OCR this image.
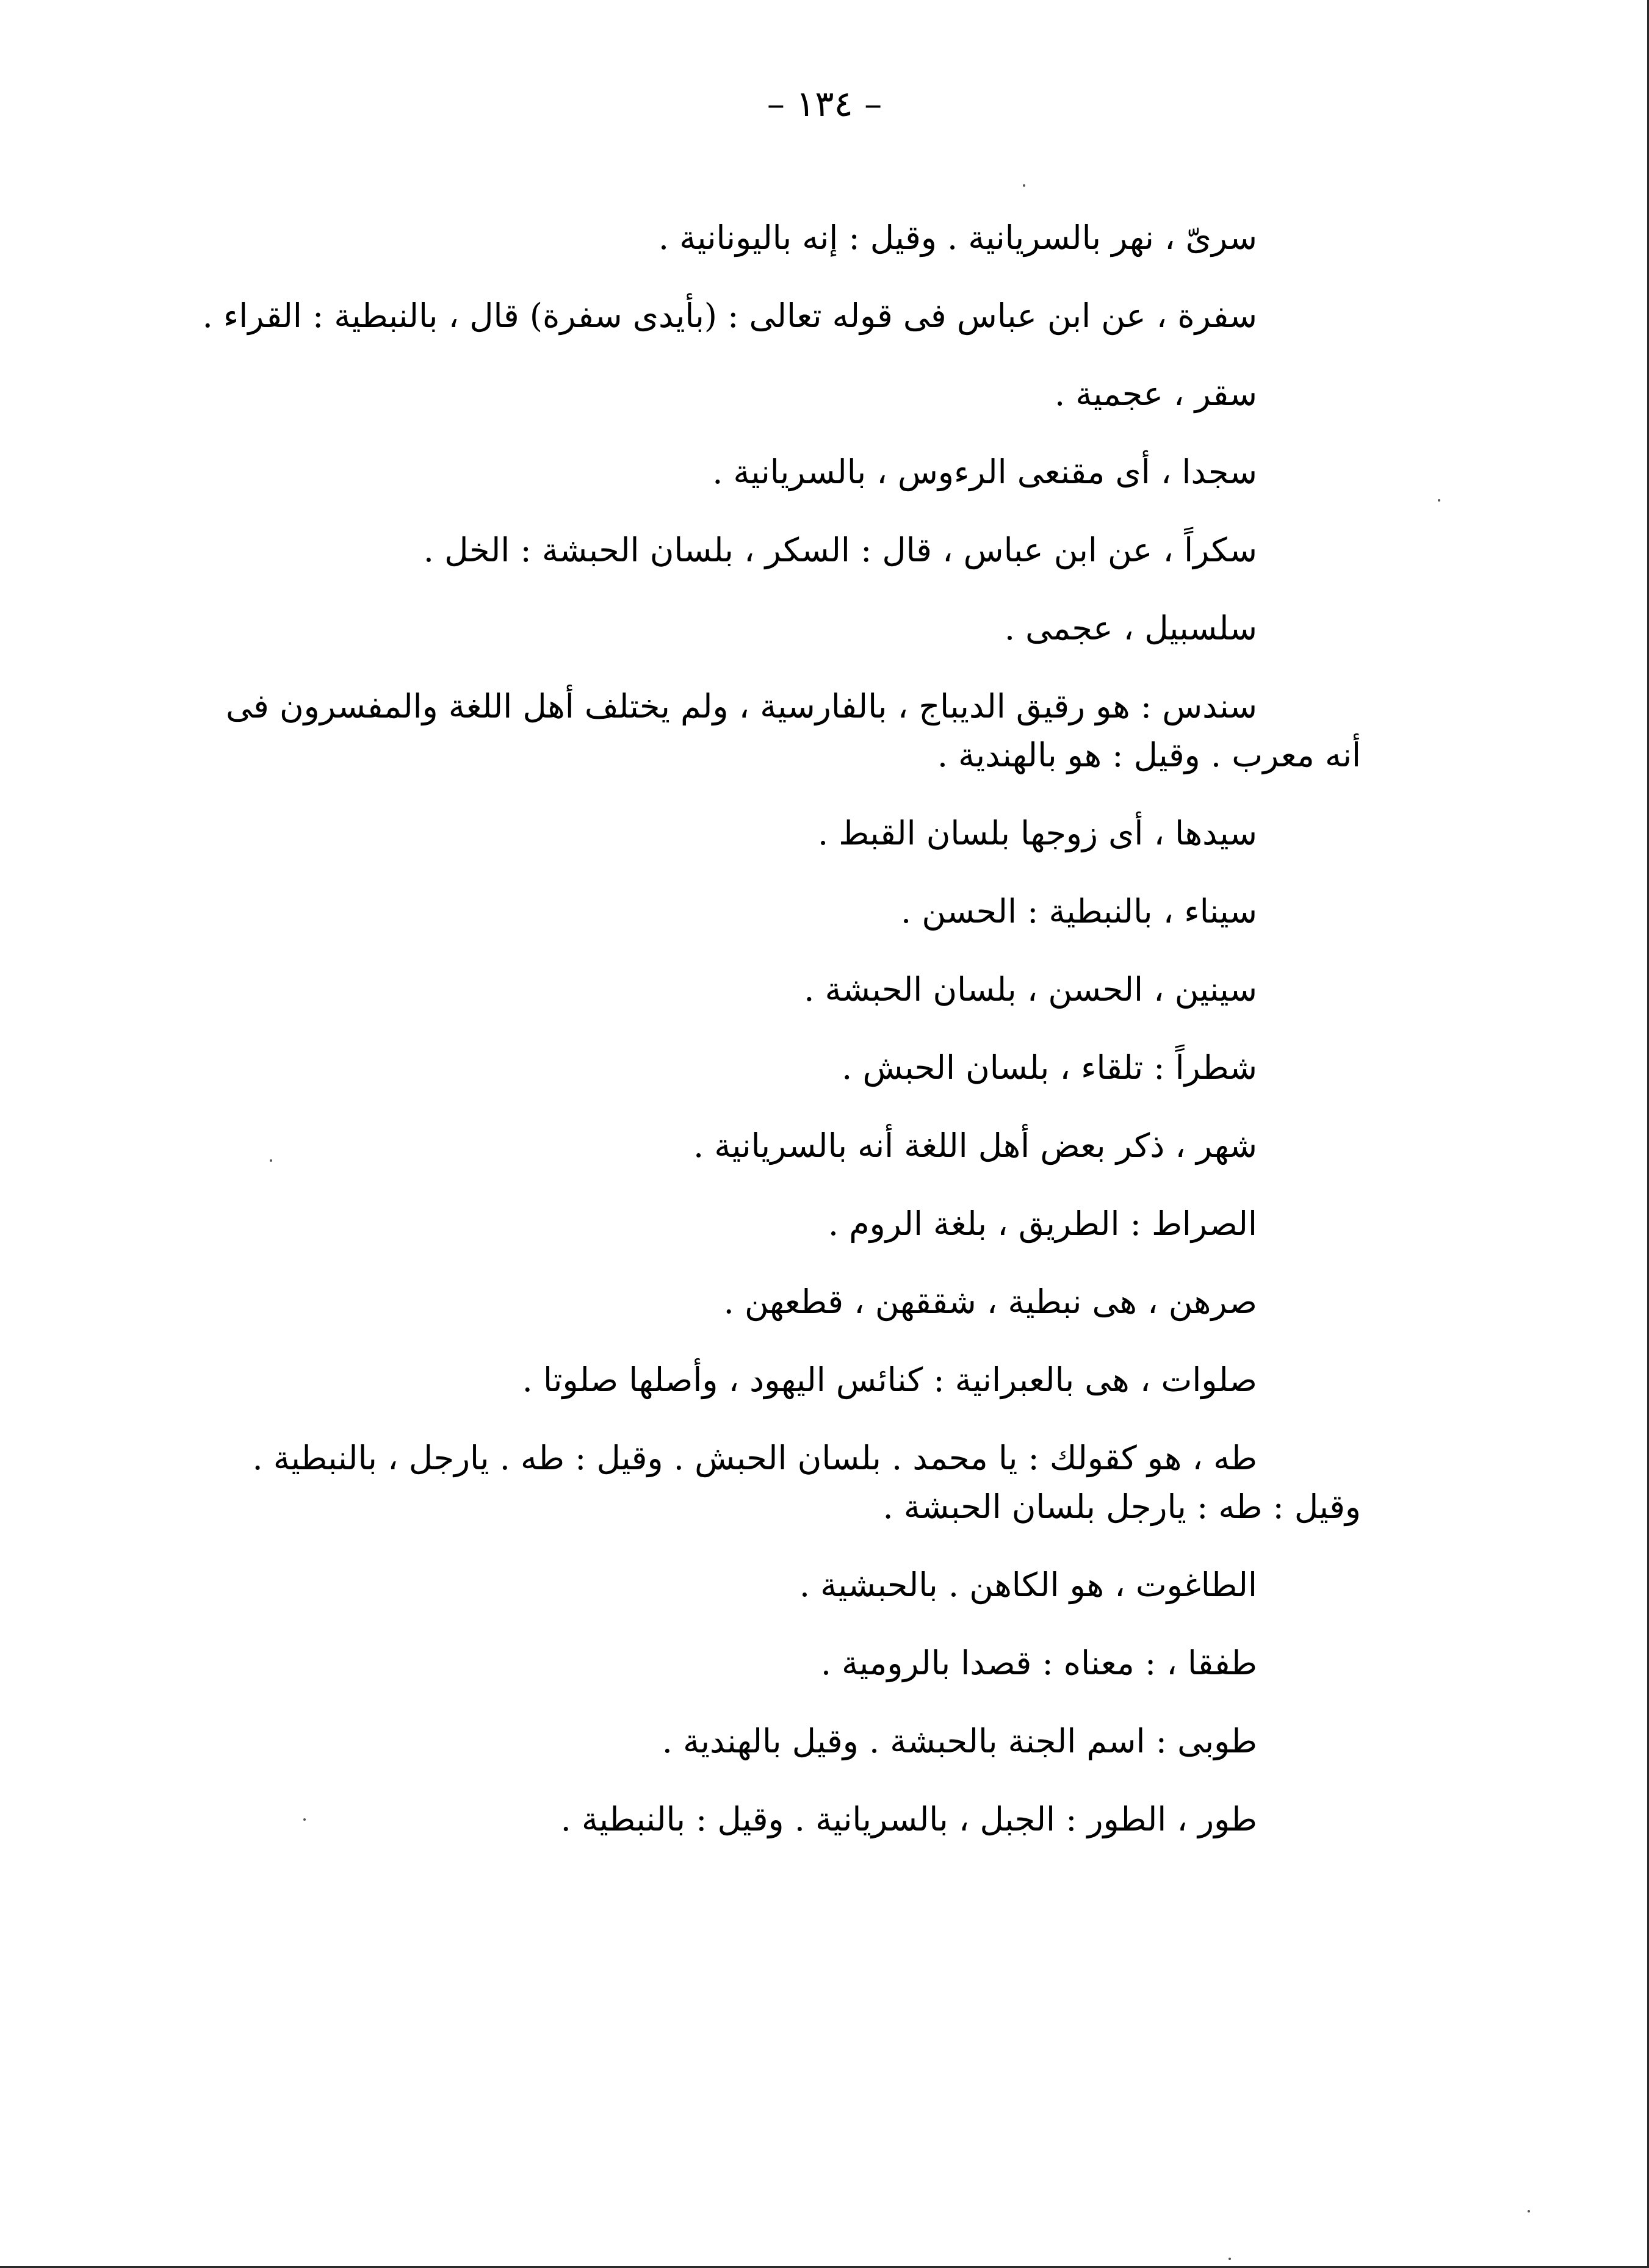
– ١٣٤ –

سرىّ ، نهر بالسريانية . وقيل : إنه باليونانية .

سفرة ، عن ابن عباس فى قوله تعالى : (بأيدى سفرة) قال ، بالنبطية : القراء .

سقر ، عجمية .

سجدا ، أى مقنعى الرءوس ، بالسريانية .

سكراً ، عن ابن عباس ، قال : السكر ، بلسان الحبشة : الخل .

سلسبيل ، عجمى .

سندس : هو رقيق الديباج ، بالفارسية ، ولم يختلف أهل اللغة والمفسرون فى أنه معرب . وقيل : هو بالهندية .

سيدها ، أى زوجها بلسان القبط .

سيناء ، بالنبطية : الحسن .

سينين ، الحسن ، بلسان الحبشة .

شطراً : تلقاء ، بلسان الحبش .

شهر ، ذكر بعض أهل اللغة أنه بالسريانية .

الصراط : الطريق ، بلغة الروم .

صرهن ، هى نبطية ، شققهن ، قطعهن .

صلوات ، هى بالعبرانية : كنائس اليهود ، وأصلها صلوتا .

طه ، هو كقولك : يا محمد . بلسان الحبش . وقيل : طه . يارجل ، بالنبطية . وقيل : طه : يارجل بلسان الحبشة .

الطاغوت ، هو الكاهن . بالحبشية .

طفقا ، : معناه : قصدا بالرومية .

طوبى : اسم الجنة بالحبشة . وقيل بالهندية .

طور ، الطور : الجبل ، بالسريانية . وقيل : بالنبطية .
